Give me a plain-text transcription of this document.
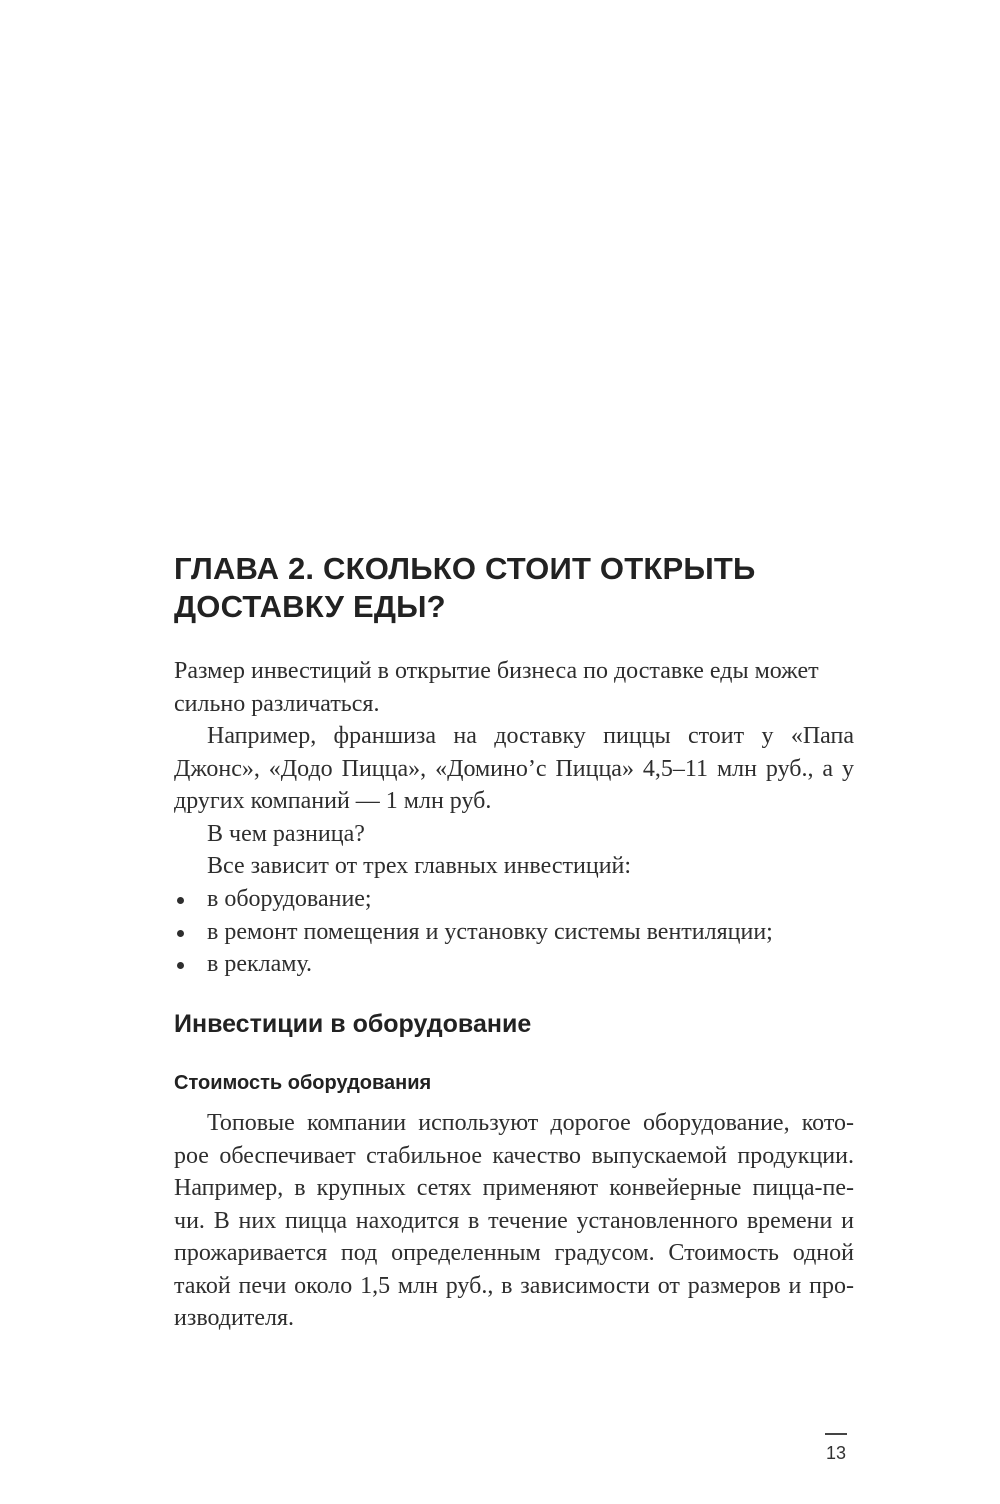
ГЛАВА 2. СКОЛЬКО СТОИТ ОТКРЫТЬ
ДОСТАВКУ ЕДЫ?

Размер инвестиций в открытие бизнеса по доставке еды может сильно различаться.

Например, франшиза на доставку пиццы стоит у «Папа Джонс», «Додо Пицца», «Домино’с Пицца» 4,5–11 млн руб., а у других компаний — 1 млн руб.

В чем разница?

Все зависит от трех главных инвестиций:

в оборудование;
в ремонт помещения и установку системы вентиляции;
в рекламу.
Инвестиции в оборудование
Стоимость оборудования

Топовые компании используют дорогое оборудование, кото-
рое обеспечивает стабильное качество выпускаемой продукции.
Например, в крупных сетях применяют конвейерные пицца-пе-
чи. В них пицца находится в течение установленного времени и
прожаривается под определенным градусом. Стоимость одной
такой печи около 1,5 млн руб., в зависимости от размеров и про-
изводителя.

13
